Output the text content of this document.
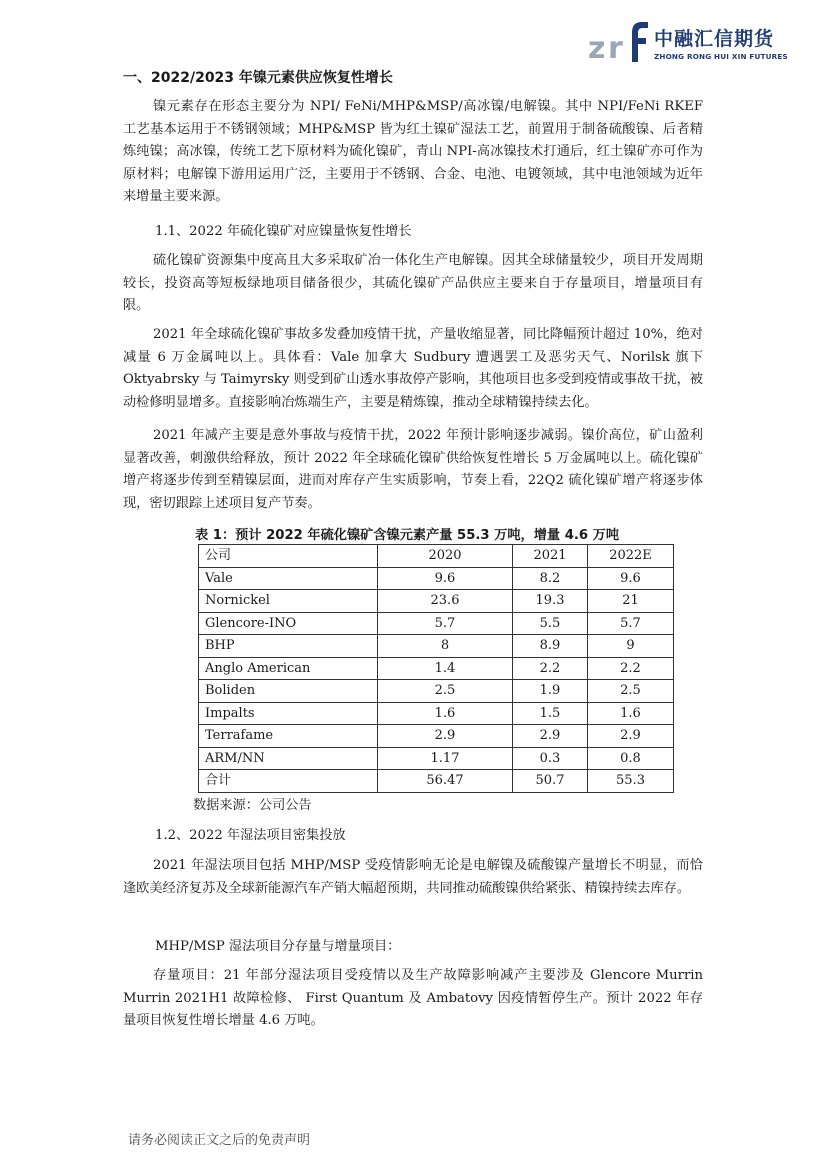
z r 中融汇信期货
ZHONG RONG HUI XIN FUTURES
一、2022/2023 年镍元素供应恢复性增长

镍元素存在形态主要分为 NPI/ FeNi/MHP&MSP/高冰镍/电解镍。其中 NPI/FeNi RKEF 工艺基本运用于不锈钢领域；MHP&MSP 皆为红土镍矿湿法工艺，前置用于制备硫酸镍、后者精炼纯镍；高冰镍，传统工艺下原材料为硫化镍矿，青山 NPI-高冰镍技术打通后，红土镍矿亦可作为原材料；电解镍下游用运用广泛，主要用于不锈钢、合金、电池、电镀领域，其中电池领域为近年来增量主要来源。

1.1、2022 年硫化镍矿对应镍量恢复性增长

硫化镍矿资源集中度高且大多采取矿冶一体化生产电解镍。因其全球储量较少，项目开发周期较长，投资高等短板绿地项目储备很少，其硫化镍矿产品供应主要来自于存量项目，增量项目有限。

2021 年全球硫化镍矿事故多发叠加疫情干扰，产量收缩显著，同比降幅预计超过 10%，绝对减量 6 万金属吨以上。具体看：Vale 加拿大 Sudbury 遭遇罢工及恶劣天气、Norilsk 旗下 Oktyabrsky 与 Taimyrsky 则受到矿山透水事故停产影响，其他项目也多受到疫情或事故干扰，被动检修明显增多。直接影响冶炼端生产，主要是精炼镍，推动全球精镍持续去化。

2021 年减产主要是意外事故与疫情干扰，2022 年预计影响逐步减弱。镍价高位，矿山盈利显著改善，刺激供给释放，预计 2022 年全球硫化镍矿供给恢复性增长 5 万金属吨以上。硫化镍矿增产将逐步传到至精镍层面，进而对库存产生实质影响，节奏上看，22Q2 硫化镍矿增产将逐步体现，密切跟踪上述项目复产节奏。

表 1：预计 2022 年硫化镍矿含镍元素产量 55.3 万吨，增量 4.6 万吨
公司	2020	2021	2022E
Vale	9.6	8.2	9.6
Nornickel	23.6	19.3	21
Glencore-INO	5.7	5.5	5.7
BHP	8	8.9	9
Anglo American	1.4	2.2	2.2
Boliden	2.5	1.9	2.5
Impalts	1.6	1.5	1.6
Terrafame	2.9	2.9	2.9
ARM/NN	1.17	0.3	0.8
合计	56.47	50.7	55.3
数据来源：公司公告
1.2、2022 年湿法项目密集投放

2021 年湿法项目包括 MHP/MSP 受疫情影响无论是电解镍及硫酸镍产量增长不明显，而恰逢欧美经济复苏及全球新能源汽车产销大幅超预期，共同推动硫酸镍供给紧张、精镍持续去库存。

MHP/MSP 湿法项目分存量与增量项目：

存量项目：21 年部分湿法项目受疫情以及生产故障影响减产主要涉及 Glencore Murrin Murrin 2021H1 故障检修、 First Quantum 及 Ambatovy 因疫情暂停生产。预计 2022 年存量项目恢复性增长增量 4.6 万吨。

请务必阅读正文之后的免责声明
